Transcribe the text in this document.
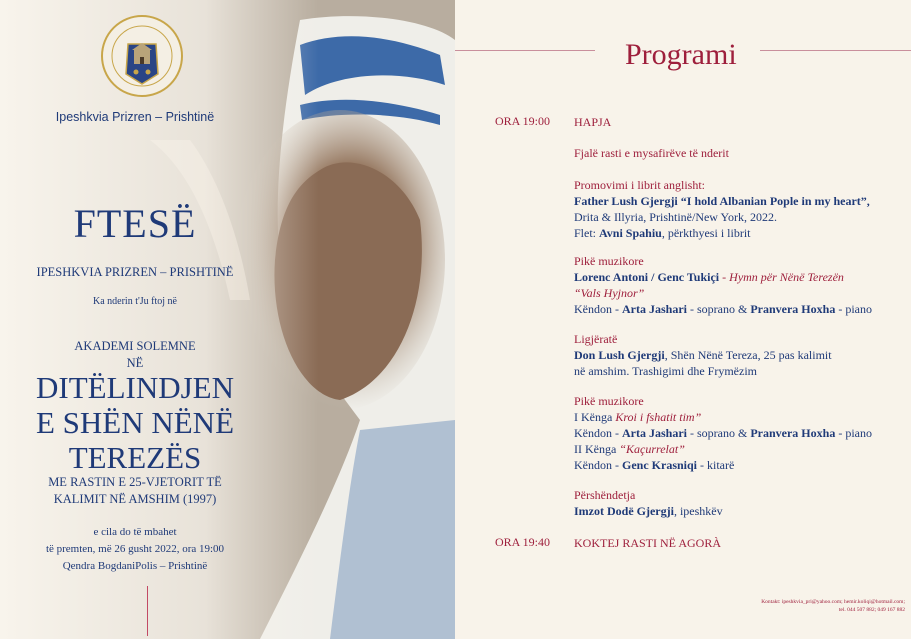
Ipeshkvia Prizren – Prishtinë
FTESË
IPESHKVIA PRIZREN – PRISHTINË
Ka nderin t'Ju ftoj në
AKADEMI SOLEMNE
NË
DITËLINDJEN
E SHËN NËNË
TEREZËS
ME RASTIN E 25-VJETORIT TË
KALIMIT NË AMSHIM (1997)
e cila do të mbahet
të premten, më 26 gusht 2022, ora 19:00
Qendra BogdaniPolis – Prishtinë
Programi
ORA 19:00 HAPJA
Fjalë rasti e mysafirëve të nderit
Promovimi i librit anglisht:
Father Lush Gjergji “I hold Albanian Pople in my heart”,
Drita & Illyria, Prishtinë/New York, 2022.
Flet: Avni Spahiu, përkthyesi i librit
Pikë muzikore
Lorenc Antoni / Genc Tukiçi - Hymn për Nënë Terezën
“Vals Hyjnor”
Këndon - Arta Jashari - soprano & Pranvera Hoxha - piano
Ligjëratë
Don Lush Gjergji, Shën Nënë Tereza, 25 pas kalimit
në amshim. Trashigimi dhe Frymëzim
Pikë muzikore
I Kënga Kroi i fshatit tim”
Këndon - Arta Jashari - soprano & Pranvera Hoxha - piano
II Kënga “Kaçurrelat”
Këndon - Genc Krasniqi - kitarë
Përshëndetja
Imzot Dodë Gjergji, ipeshkëv
ORA 19:40 KOKTEJ RASTI NË AGORÀ
Kontakt: ipeshkvia_pri@yahoo.com; hemir.koliqi@hotmail.com;
tel. 044 507 882; 049 167 882
